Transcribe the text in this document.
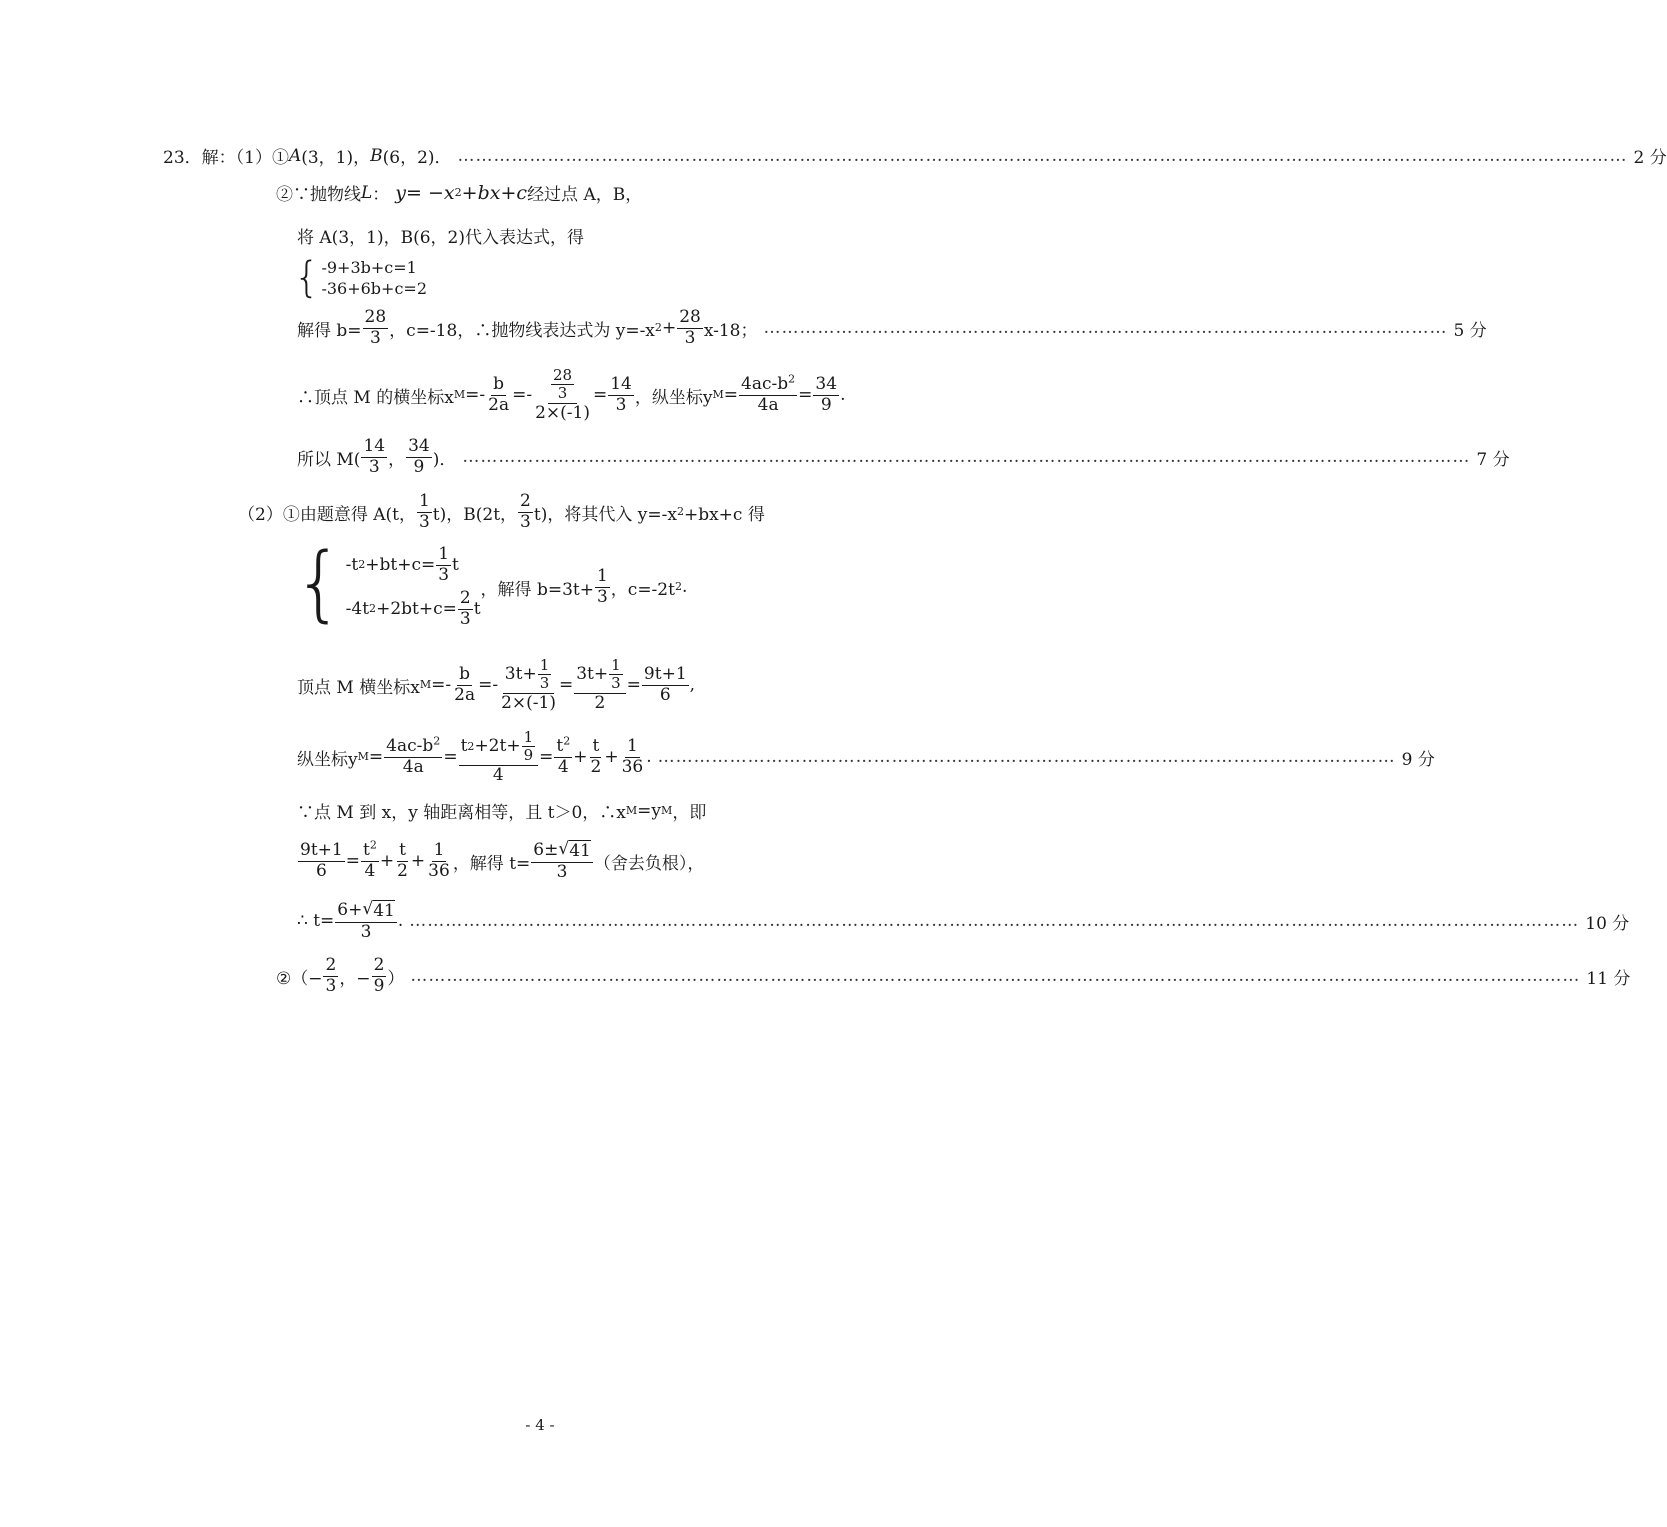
23．解：（1）① A (3，1)， B (6，2)． …………………………………………………………………………………………………………………………………………………………………………… 2 分
②∵抛物线 L ： y = − x 2 + b x + c 经过点 A，B，
将 A(3，1)，B(6，2)代入表达式，得
{ -9+3b+c=1
-36+6b+c=2
解得 $b= \frac{28}{3}$ ，c=-18，∴抛物线表达式为 y=-x $2 + \frac{28}{3} x-18$； …………………………………………………………………………………………………… 5 分
∴顶点 M 的横坐标x $M =- \frac{b}{2a} =- \frac{\frac{28}{3}}{2\times(-1)} = \frac{14}{3}$ ，纵坐标y $M = \frac{4ac-b^2}{4a} = \frac{34}{9}$ .
所以 $M( \frac{14}{3}$ ， $\frac{34}{9}$ )． …………………………………………………………………………………………………………………………………………………… 7 分
（2）①由题意得 A(t， $\frac{1}{3} t$)，B(2t， $\frac{2}{3} t$)，将其代入 y=-x 2 +bx+c 得
{ -t $2 +bt+c= \frac{1}{3}$ t
-4t $2 +2bt+c= \frac{2}{3}$ t
，解得 $b=3t+ \frac{1}{3}$ ，c=-2t 2 .
顶点 M 横坐标x $M =- \frac{b}{2a} =- \frac{3t+ \frac{1}{3}}{2\times(-1)} = \frac{3t+ \frac{1}{3}}{2} = \frac{9t+1}{6}$ ,
纵坐标y $M = \frac{4ac-b^2}{4a} = \frac{t 2 +2t+ \frac{1}{9}}{4} = \frac{t^2}{4} + \frac{t}{2} + \frac{1}{36}$ . …………………………………………………………………………………………………………… 9 分
∵点 M 到 x，y 轴距离相等，且 t＞0，∴x M =y M ，即
$\frac{9t+1}{6} = \frac{t^2}{4} + \frac{t}{2} + \frac{1}{36}$ ，解得 $t= \frac{6\pm √ 41}{3}$ （舍去负根），
∴ $t= \frac{6+ √ 41}{3}$ . …………………………………………………………………………………………………………………………………………………………………………… 10 分
②（− $\frac{2}{3}$ ，− $\frac{2}{9}$ ） …………………………………………………………………………………………………………………………………………………………………………… 11 分
- 4 -
